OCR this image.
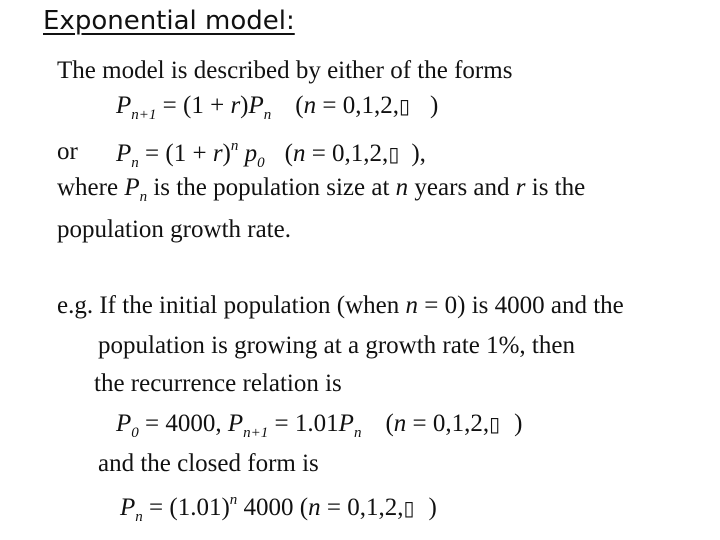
Exponential model:
The model is described by either of the forms
$P_{n+1} = (1 + r)P_n$ (n = 0,1,2,▯ )
or $P_n = (1 + r)^n$ $p_0$ (n = 0,1,2,▯ ),
where $P_n$ is the population size at n years and r is the
population growth rate.
e.g. If the initial population (when n = 0) is 4000 and the
population is growing at a growth rate 1%, then
the recurrence relation is
$P_0 = 4000$, $P_{n+1} = 1.01P_n$ (n = 0,1,2,▯ )
and the closed form is
$P_n = (1.01)^n$ 4000 (n = 0,1,2,▯ )
